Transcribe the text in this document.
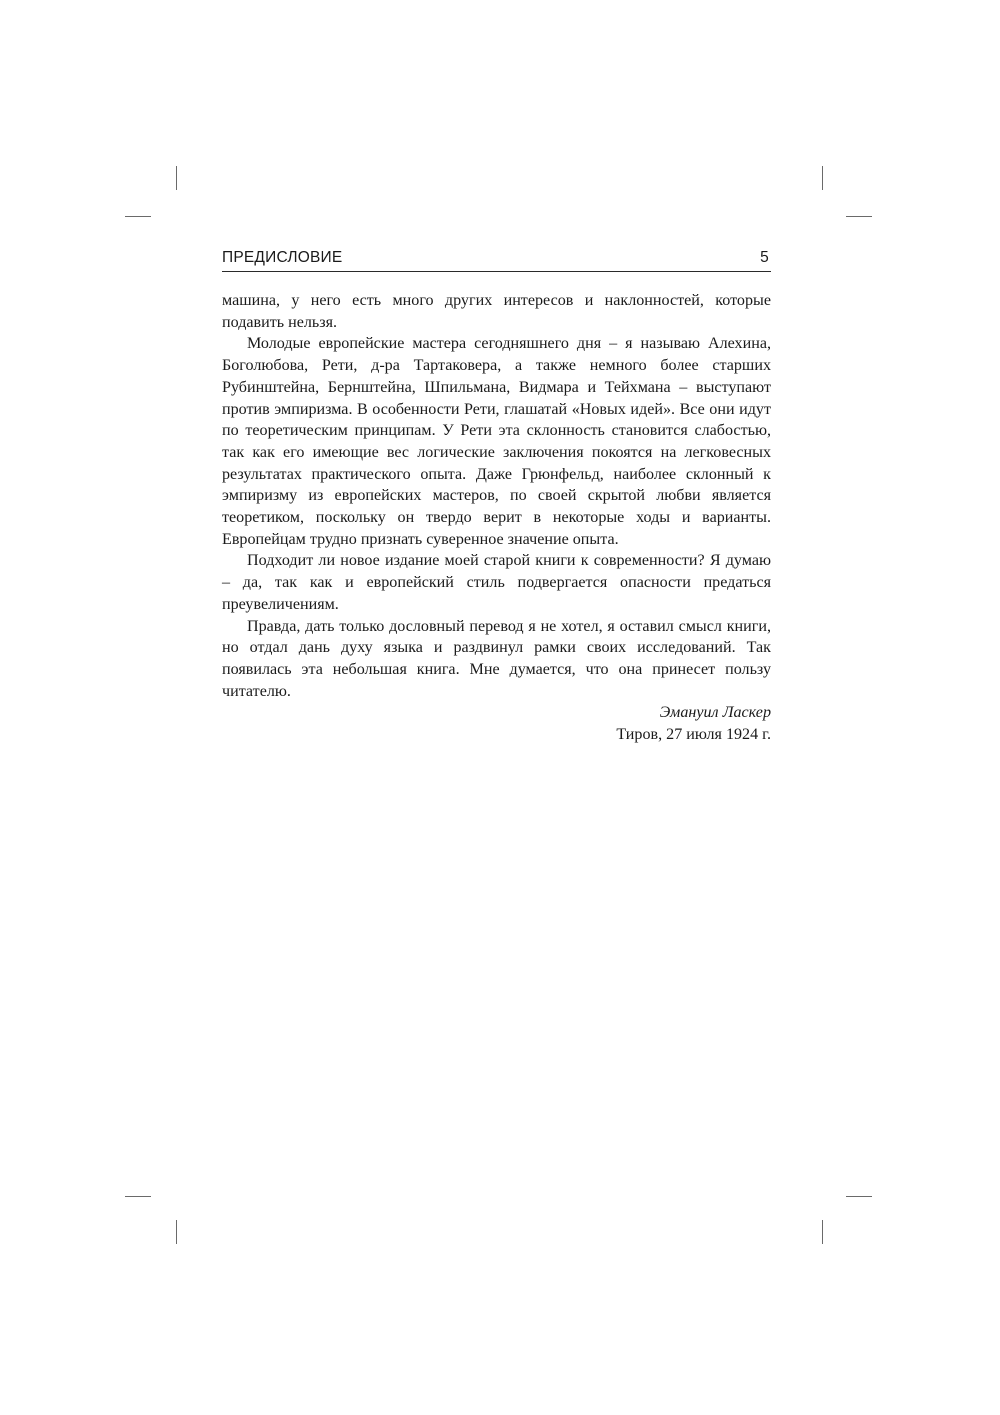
ПРЕДИСЛОВИЕ	5

машина, у него есть много других интересов и наклонностей, которые подавить нельзя.

Молодые европейские мастера сегодняшнего дня – я называю Алехина, Боголюбова, Рети, д-ра Тартаковера, а также немного более старших Рубинштейна, Бернштейна, Шпильмана, Видмара и Тейхмана – выступают против эмпиризма. В особенности Рети, глашатай «Новых идей». Все они идут по теоретическим принципам. У Рети эта склонность становится слабостью, так как его имеющие вес логические заключения покоятся на легковесных результатах практического опыта. Даже Грюнфельд, наиболее склонный к эмпиризму из европейских мастеров, по своей скрытой любви является теоретиком, поскольку он твердо верит в некоторые ходы и варианты. Европейцам трудно признать суверенное значение опыта.

Подходит ли новое издание моей старой книги к современности? Я думаю – да, так как и европейский стиль подвергается опасности предаться преувеличениям.

Правда, дать только дословный перевод я не хотел, я оставил смысл книги, но отдал дань духу языка и раздвинул рамки своих исследований. Так появилась эта небольшая книга. Мне думается, что она принесет пользу читателю.

Эмануил Ласкер
Тиров, 27 июля 1924 г.
